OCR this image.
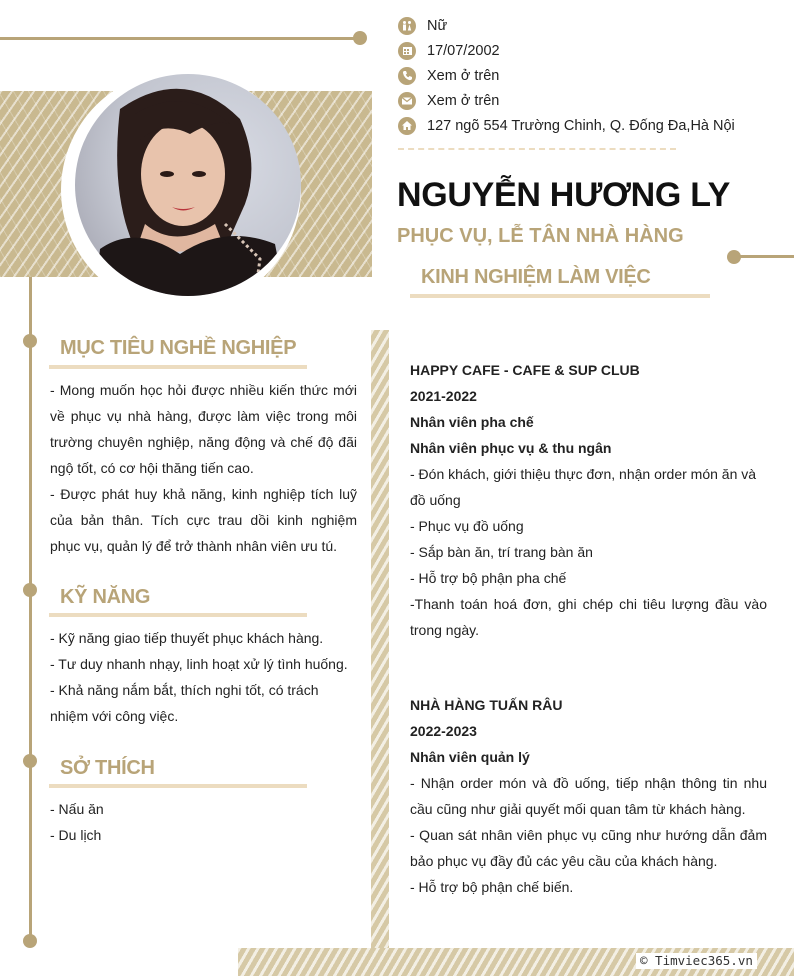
© Timviec365.vn
Nữ
17/07/2002
Xem ở trên
Xem ở trên
127 ngõ 554 Trường Chinh, Q. Đống Đa,Hà Nội
NGUYỄN HƯƠNG LY
PHỤC VỤ, LỄ TÂN NHÀ HÀNG
KINH NGHIỆM LÀM VIỆC
MỤC TIÊU NGHỀ NGHIỆP
- Mong muốn học hỏi được nhiều kiến thức mới về phục vụ nhà hàng, được làm việc trong môi trường chuyên nghiệp, năng động và chế độ đãi ngộ tốt, có cơ hội thăng tiến cao.
- Được phát huy khả năng, kinh nghiệp tích luỹ của bản thân. Tích cực trau dồi kinh nghiệm phục vụ, quản lý để trở thành nhân viên ưu tú.
KỸ NĂNG
- Kỹ năng giao tiếp thuyết phục khách hàng.
- Tư duy nhanh nhạy, linh hoạt xử lý tình huống.
- Khả năng nắm bắt, thích nghi tốt, có trách nhiệm với công việc.
SỞ THÍCH
- Nấu ăn
- Du lịch
HAPPY CAFE - CAFE & SUP CLUB
2021-2022
Nhân viên pha chế
Nhân viên phục vụ & thu ngân
- Đón khách, giới thiệu thực đơn, nhận order món ăn và đồ uống
- Phục vụ đồ uống
- Sắp bàn ăn, trí trang bàn ăn
- Hỗ trợ bộ phận pha chế
-Thanh toán hoá đơn, ghi chép chi tiêu lượng đầu vào trong ngày.
NHÀ HÀNG TUẤN RÂU
2022-2023
Nhân viên quản lý
- Nhận order món và đồ uống, tiếp nhận thông tin nhu cầu cũng như giải quyết mối quan tâm từ khách hàng.
- Quan sát nhân viên phục vụ cũng như hướng dẫn đảm bảo phục vụ đầy đủ các yêu cầu của khách hàng.
- Hỗ trợ bộ phận chế biến.
